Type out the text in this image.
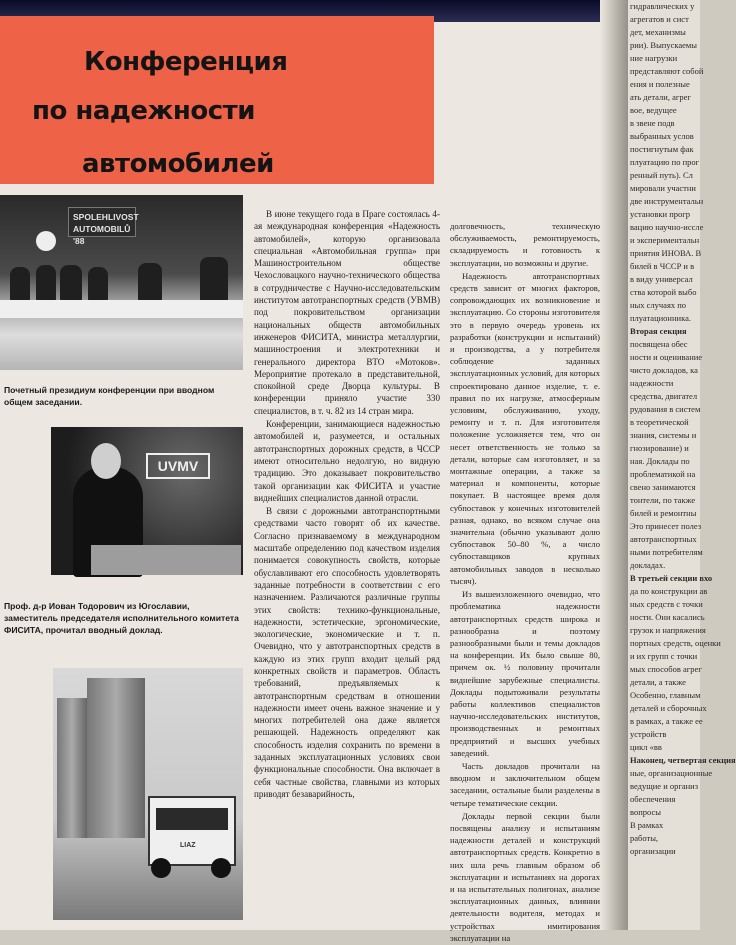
Конференция
по надежности
автомобилей
SPOLEHLIVOST AUTOMOBILŮ '88
Почетный президиум конференции при вводном общем заседании.
UVMV
Проф. д-р Иован Тодорович из Югославии, заместитель председателя исполнительного комитета ФИСИТА, прочитал вводный доклад.
LIAZ

В июне текущего года в Праге состоялась 4-ая международная конференция «Надежность автомобилей», которую организовала специальная «Автомобильная группа» при Машиностроительном обществе Чехословацкого научно-технического общества в сотрудничестве с Научно-исследовательским институтом автотранспортных средств (УВМВ) под покровительством организации национальных обществ автомобильных инженеров ФИСИТА, министра металлургии, машиностроения и электротехники и генерального директора ВТО «Мотоков». Мероприятие протекало в представительной, спокойной среде Дворца культуры. В конференции приняло участие 330 специалистов, в т. ч. 82 из 14 стран мира.

Конференции, занимающиеся надежностью автомобилей и, разумеется, и остальных автотранспортных дорожных средств, в ЧССР имеют относительно недолгую, но видную традицию. Это доказывает покровительство такой организации как ФИСИТА и участие виднейших специалистов данной отрасли.

В связи с дорожными автотранспортными средствами часто говорят об их качестве. Согласно признаваемому в международном масштабе определению под качеством изделия понимается совокупность свойств, которые обуславливают его способность удовлетворять заданные потребности в соответствии с его назначением. Различаются различные группы этих свойств: технико-функциональные, надежности, эстетические, эргономические, экологические, экономические и т. п. Очевидно, что у автотранспортных средств в каждую из этих групп входит целый ряд конкретных свойств и параметров. Область требований, предъявляемых к автотранспортным средствам в отношении надежности имеет очень важное значение и у многих потребителей она даже является решающей. Надежность определяют как способность изделия сохранить по времени в заданных эксплуатационных условиях свои функциональные способности. Она включает в себя частные свойства, главными из которых приводят безаварийность,

долговечность, техническую обслуживаемость, ремонтируемость, складируемость и готовность к эксплуатации, но возможны и другие.

Надежность автотранспортных средств зависит от многих факторов, сопровождающих их возникновение и эксплуатацию. Со стороны изготовителя это в первую очередь уровень их разработки (конструкции и испытаний) и производства, а у потребителя соблюдение заданных эксплуатационных условий, для которых спроектировано данное изделие, т. е. правил по их нагрузке, атмосферным условиям, обслуживанию, уходу, ремонту и т. п. Для изготовителя положение усложняется тем, что он несет ответственность не только за детали, которые сам изготовляет, и за монтажные операции, а также за материал и компоненты, которые покупает. В настоящее время доля субпоставок у конечных изготовителей разная, однако, во всяком случае она значительна (обычно указывают долю субпоставок 50–80 %, а число субпоставщиков крупных автомобильных заводов в несколько тысяч).

Из вышеизложенного очевидно, что проблематика надежности автотранспортных средств широка и разнообразна и поэтому разнообразными были и темы докладов на конференции. Их было свыше 80, причем ок. ½ половину прочитали виднейшие зарубежные специалисты. Доклады подытоживали результаты работы коллективов специалистов научно-исследовательских институтов, производственных и ремонтных предприятий и высших учебных заведений.

Часть докладов прочитали на вводном и заключительном общем заседании, остальные были разделены в четыре тематические секции.

Доклады первой секции были посвящены анализу и испытаниям надежности деталей и конструкций автотранспортных средств. Конкретно в них шла речь главным образом об эксплуатации и испытаниях на дорогах и на испытательных полигонах, анализе эксплуатационных данных, влиянии деятельности водителя, методах и устройствах имитирования эксплуатации на

гидравлических у

агрегатов и сист

дет, механизмы

рии). Выпускаемы

ние нагрузки

представляют собой

ения и полезные

ать детали, агрег

вое, ведущее

в звене подв

выбранных услов

постигнутым фак

плуатацию по прог

ренный путь). Сл

мировали участни

две инструментальн

установки прогр

вацию научно-иссле

и экспериментальн

приятия ИНОВА. В

билей в ЧССР и в

в виду универсал

ства которой выбо

ных случаях по

плуатационника.

Вторая секция

посвящена обес

ности и оценивание

чисто докладов, ка

надежности

средства, двигател

рудования в систем

в теоретической

знания, системы и

гнозирование) и

ная. Доклады по

проблематикой на

свено занимаются

тонтели, по также

билей и ремонтны

Это принесет полез

автотранспортных

ными потребителям

докладах.

В третьей секции вхо

да по конструкции ав

ных средств с точки

ности. Они касались

грузок и напряжения

портных средств, оценки

и их групп с точки

мых способов агрег

детали, а также

Особенно, главным

деталей и сборочных

в рамках, а также ее

устройств

цикл «вв

Наконец, четвертая секция

ные, организационные

ведущие и организ

обеспечения

вопросы

В рамках

работы,

организации
